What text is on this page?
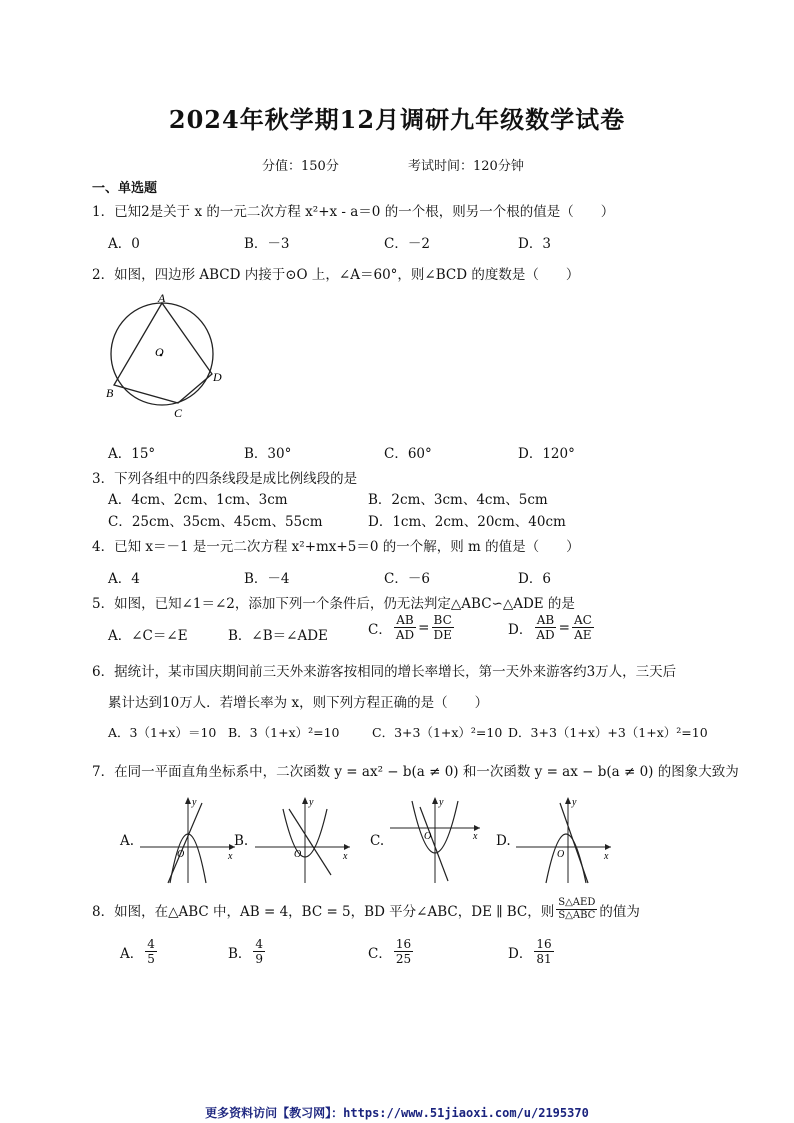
2024年秋学期12月调研九年级数学试卷
分值：150分	考试时间：120分钟
一、单选题
1．已知2是关于 x 的一元二次方程 x²+x - a＝0 的一个根，则另一个根的值是（　　）
A．0	B．－3	C．－2	D．3
2．如图，四边形 ABCD 内接于⊙O 上，∠A＝60°，则∠BCD 的度数是（　　）
A
O
B
C
D
A．15°	B．30°	C．60°	D．120°
3．下列各组中的四条线段是成比例线段的是
A．4cm、2cm、1cm、3cm	B．2cm、3cm、4cm、5cm
C．25cm、35cm、45cm、55cm	D．1cm、2cm、20cm、40cm
4．已知 x＝－1 是一元二次方程 x²+mx+5＝0 的一个解，则 m 的值是（　　）
A．4	B．－4	C．－6	D．6
5．如图，已知∠1＝∠2，添加下列一个条件后，仍无法判定△ABC∽△ADE 的是
A．∠C＝∠E	B．∠B＝∠ADE	C． $\frac{AB}{AD} = \frac{BC}{DE}$	D． $\frac{AB}{AD} = \frac{AC}{AE}$
6．据统计，某市国庆期间前三天外来游客按相同的增长率增长，第一天外来游客约3万人，三天后
累计达到10万人．若增长率为 x，则下列方程正确的是（　　）
A．3（1+x）＝10 B．3（1+x）²=10	C．3+3（1+x）²=10 D．3+3（1+x）+3（1+x）²=10
7．在同一平面直角坐标系中，二次函数 y = ax² − b(a ≠ 0) 和一次函数 y = ax − b(a ≠ 0) 的图象大致为
A.
y
x
O
B.
y
x
O
C.
y
x
O	D.
y
x
O
8．如图，在△ABC 中，AB = 4，BC = 5，BD 平分∠ABC，DE ∥ BC，则 $\frac{\text{S△AED}}{\text{S△ABC}}$ 的值为
A． $\frac{4}{5}$	B． $\frac{4}{9}$	C． $\frac{16}{25}$	D． $\frac{16}{81}$
更多资料访问【教习网】：https://www.51jiaoxi.com/u/2195370
